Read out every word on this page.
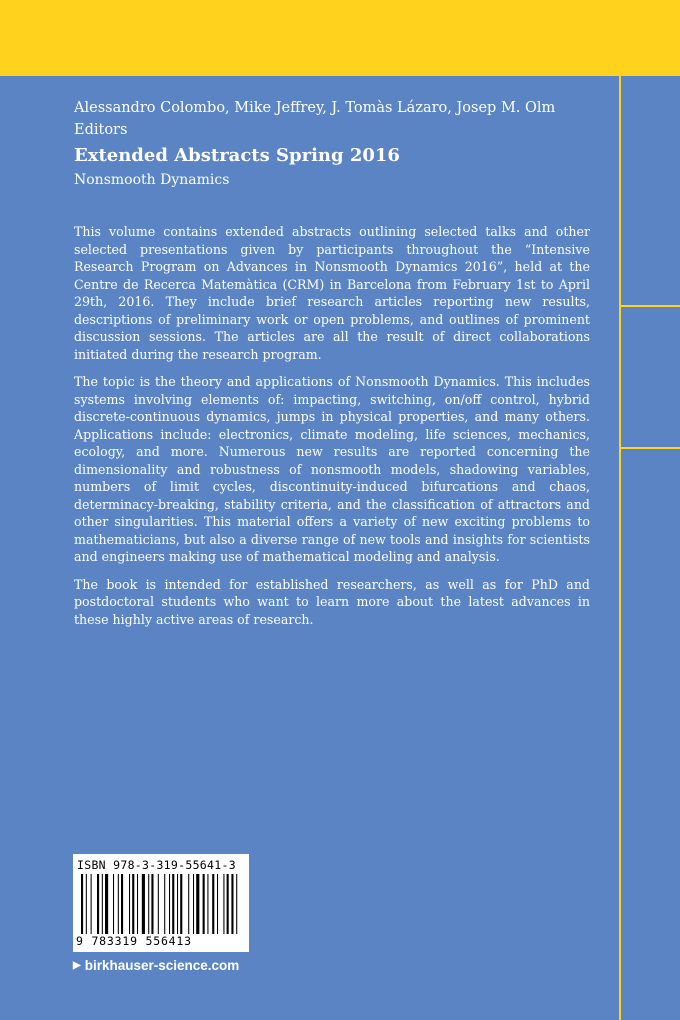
Alessandro Colombo, Mike Jeffrey, J. Tomàs Lázaro, Josep M. Olm
Editors
Extended Abstracts Spring 2016
Nonsmooth Dynamics

This volume contains extended abstracts outlining selected talks and other selected presentations given by participants throughout the “Intensive Research Program on Advances in Nonsmooth Dynamics 2016”, held at the Centre de Recerca Matemàtica (CRM) in Barcelona from February 1st to April 29th, 2016. They include brief research articles reporting new results, descriptions of preliminary work or open problems, and outlines of prominent discussion sessions. The articles are all the result of direct collaborations initiated during the research program.

The topic is the theory and applications of Nonsmooth Dynamics. This includes systems involving elements of: impacting, switching, on/off control, hybrid discrete-continuous dynamics, jumps in physical properties, and many others. Applications include: electronics, climate modeling, life sciences, mechanics, ecology, and more. Numerous new results are reported concerning the dimensionality and robustness of nonsmooth models, shadowing variables, numbers of limit cycles, discontinuity-induced bifurcations and chaos, determinacy-breaking, stability criteria, and the classification of attractors and other singularities. This material offers a variety of new exciting problems to mathematicians, but also a diverse range of new tools and insights for scientists and engineers making use of mathematical modeling and analysis.

The book is intended for established researchers, as well as for PhD and postdoctoral students who want to learn more about the latest advances in these highly active areas of research.

ISBN 978-3-319-55641-3
9 783319 556413
▶ birkhauser-science.com
